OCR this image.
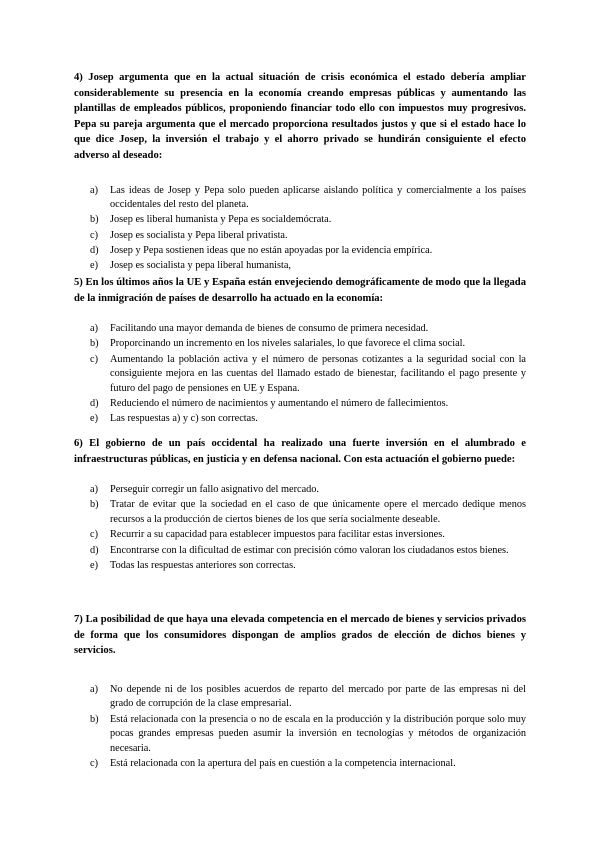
4) Josep argumenta que en la actual situación de crisis económica el estado debería ampliar considerablemente su presencia en la economía creando empresas públicas y aumentando las plantillas de empleados públicos, proponiendo financiar todo ello con impuestos muy progresivos. Pepa su pareja argumenta que el mercado proporciona resultados justos y que si el estado hace lo que dice Josep, la inversión el trabajo y el ahorro privado se hundirán consiguiente el efecto adverso al deseado:

a) Las ideas de Josep y Pepa solo pueden aplicarse aislando política y comercialmente a los países occidentales del resto del planeta.
b) Josep es liberal humanista y Pepa es socialdemócrata.
c) Josep es socialista y Pepa liberal privatista.
d) Josep y Pepa sostienen ideas que no están apoyadas por la evidencia empírica.
e) Josep es socialista y pepa liberal humanista,

5) En los últimos años la UE y España están envejeciendo demográficamente de modo que la llegada de la inmigración de países de desarrollo ha actuado en la economía:

a) Facilitando una mayor demanda de bienes de consumo de primera necesidad.
b) Proporcinando un incremento en los niveles salariales, lo que favorece el clima social.
c) Aumentando la población activa y el número de personas cotizantes a la seguridad social con la consiguiente mejora en las cuentas del llamado estado de bienestar, facilitando el pago presente y futuro del pago de pensiones en UE y Espana.
d) Reduciendo el número de nacimientos y aumentando el número de fallecimientos.
e) Las respuestas a) y c) son correctas.

6) El gobierno de un país occidental ha realizado una fuerte inversión en el alumbrado e infraestructuras públicas, en justicia y en defensa nacional. Con esta actuación el gobierno puede:

a) Perseguir corregir un fallo asignativo del mercado.
b) Tratar de evitar que la sociedad en el caso de que únicamente opere el mercado dedique menos recursos a la producción de ciertos bienes de los que sería socialmente deseable.
c) Recurrir a su capacidad para establecer impuestos para facilitar estas inversiones.
d) Encontrarse con la dificultad de estimar con precisión cómo valoran los ciudadanos estos bienes.
e) Todas las respuestas anteriores son correctas.

7) La posibilidad de que haya una elevada competencia en el mercado de bienes y servicios privados de forma que los consumidores dispongan de amplios grados de elección de dichos bienes y servicios.

a) No depende ni de los posibles acuerdos de reparto del mercado por parte de las empresas ni del grado de corrupción de la clase empresarial.
b) Está relacionada con la presencia o no de escala en la producción y la distribución porque solo muy pocas grandes empresas pueden asumir la inversión en tecnologías y métodos de organización necesaria.
c) Está relacionada con la apertura del país en cuestión a la competencia internacional.
